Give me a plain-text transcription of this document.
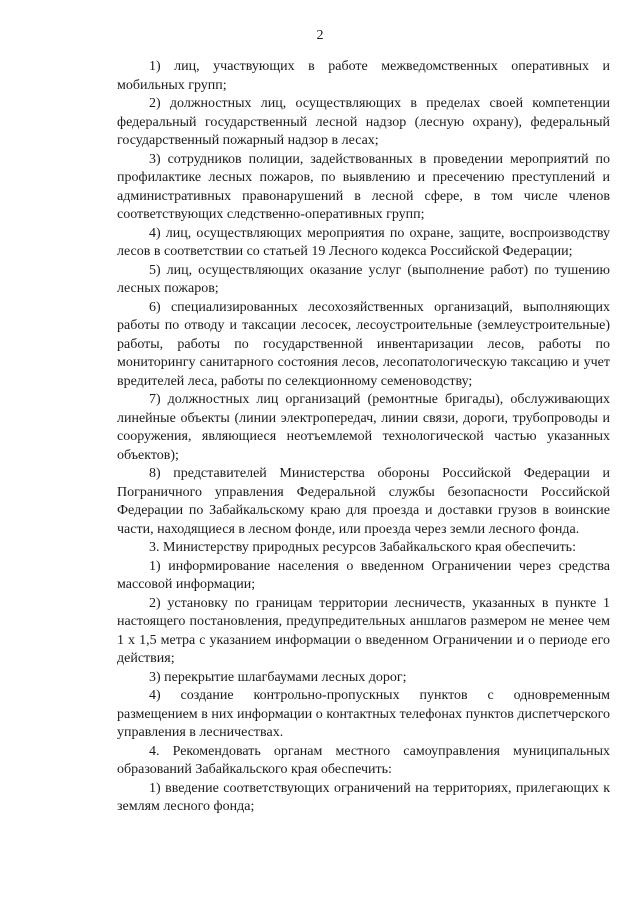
2

1) лиц, участвующих в работе межведомственных оперативных и мобильных групп;

2) должностных лиц, осуществляющих в пределах своей компетенции федеральный государственный лесной надзор (лесную охрану), федеральный государственный пожарный надзор в лесах;

3) сотрудников полиции, задействованных в проведении мероприятий по профилактике лесных пожаров, по выявлению и пресечению преступлений и административных правонарушений в лесной сфере, в том числе членов соответствующих следственно-оперативных групп;

4) лиц, осуществляющих мероприятия по охране, защите, воспроизводству лесов в соответствии со статьей 19 Лесного кодекса Российской Федерации;

5) лиц, осуществляющих оказание услуг (выполнение работ) по тушению лесных пожаров;

6) специализированных лесохозяйственных организаций, выполняющих работы по отводу и таксации лесосек, лесоустроительные (землеустроительные) работы, работы по государственной инвентаризации лесов, работы по мониторингу санитарного состояния лесов, лесопатологическую таксацию и учет вредителей леса, работы по селекционному семеноводству;

7) должностных лиц организаций (ремонтные бригады), обслуживающих линейные объекты (линии электропередач, линии связи, дороги, трубопроводы и сооружения, являющиеся неотъемлемой технологической частью указанных объектов);

8) представителей Министерства обороны Российской Федерации и Пограничного управления Федеральной службы безопасности Российской Федерации по Забайкальскому краю для проезда и доставки грузов в воинские части, находящиеся в лесном фонде, или проезда через земли лесного фонда.

3. Министерству природных ресурсов Забайкальского края обеспечить:

1) информирование населения о введенном Ограничении через средства массовой информации;

2) установку по границам территории лесничеств, указанных в пункте 1 настоящего постановления, предупредительных аншлагов размером не менее чем 1 х 1,5 метра с указанием информации о введенном Ограничении и о периоде его действия;

3) перекрытие шлагбаумами лесных дорог;

4) создание контрольно-пропускных пунктов с одновременным размещением в них информации о контактных телефонах пунктов диспетчерского управления в лесничествах.

4. Рекомендовать органам местного самоуправления муниципальных образований Забайкальского края обеспечить:

1) введение соответствующих ограничений на территориях, прилегающих к землям лесного фонда;
